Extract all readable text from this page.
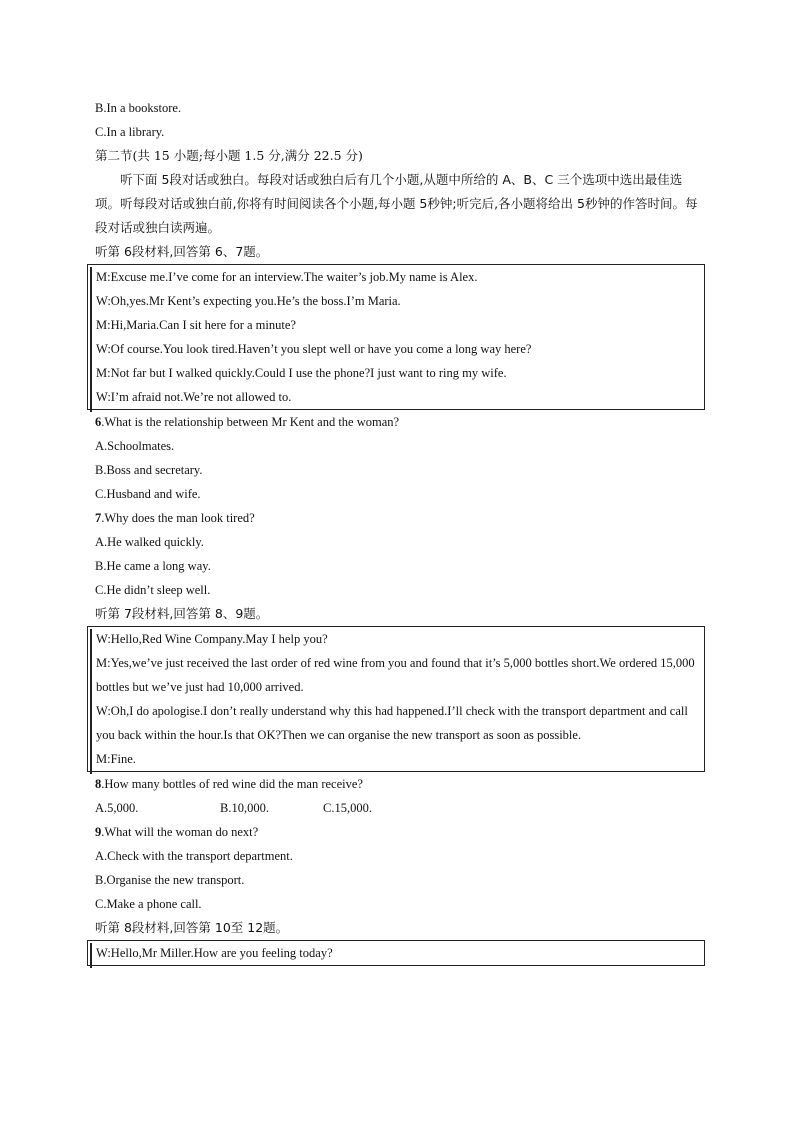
B.In a bookstore.
C.In a library.
第二节(共 15 小题;每小题 1.5 分,满分 22.5 分)
听下面 5段对话或独白。每段对话或独白后有几个小题,从题中所给的 A、B、C 三个选项中选出最佳选项。听每段对话或独白前,你将有时间阅读各个小题,每小题 5秒钟;听完后,各小题将给出 5秒钟的作答时间。每段对话或独白读两遍。
听第 6段材料,回答第 6、7题。
M:Excuse me.I’ve come for an interview.The waiter’s job.My name is Alex.
W:Oh,yes.Mr Kent’s expecting you.He’s the boss.I’m Maria.
M:Hi,Maria.Can I sit here for a minute?
W:Of course.You look tired.Haven’t you slept well or have you come a long way here?
M:Not far but I walked quickly.Could I use the phone?I just want to ring my wife.
W:I’m afraid not.We’re not allowed to.
6.What is the relationship between Mr Kent and the woman?
A.Schoolmates.
B.Boss and secretary.
C.Husband and wife.
7.Why does the man look tired?
A.He walked quickly.
B.He came a long way.
C.He didn’t sleep well.
听第 7段材料,回答第 8、9题。
W:Hello,Red Wine Company.May I help you?
M:Yes,we’ve just received the last order of red wine from you and found that it’s 5,000 bottles short.We ordered 15,000 bottles but we’ve just had 10,000 arrived.
W:Oh,I do apologise.I don’t really understand why this had happened.I’ll check with the transport department and call you back within the hour.Is that OK?Then we can organise the new transport as soon as possible.
M:Fine.
8.How many bottles of red wine did the man receive?
A.5,000.	B.10,000.	C.15,000.
9.What will the woman do next?
A.Check with the transport department.
B.Organise the new transport.
C.Make a phone call.
听第 8段材料,回答第 10至 12题。
W:Hello,Mr Miller.How are you feeling today?
